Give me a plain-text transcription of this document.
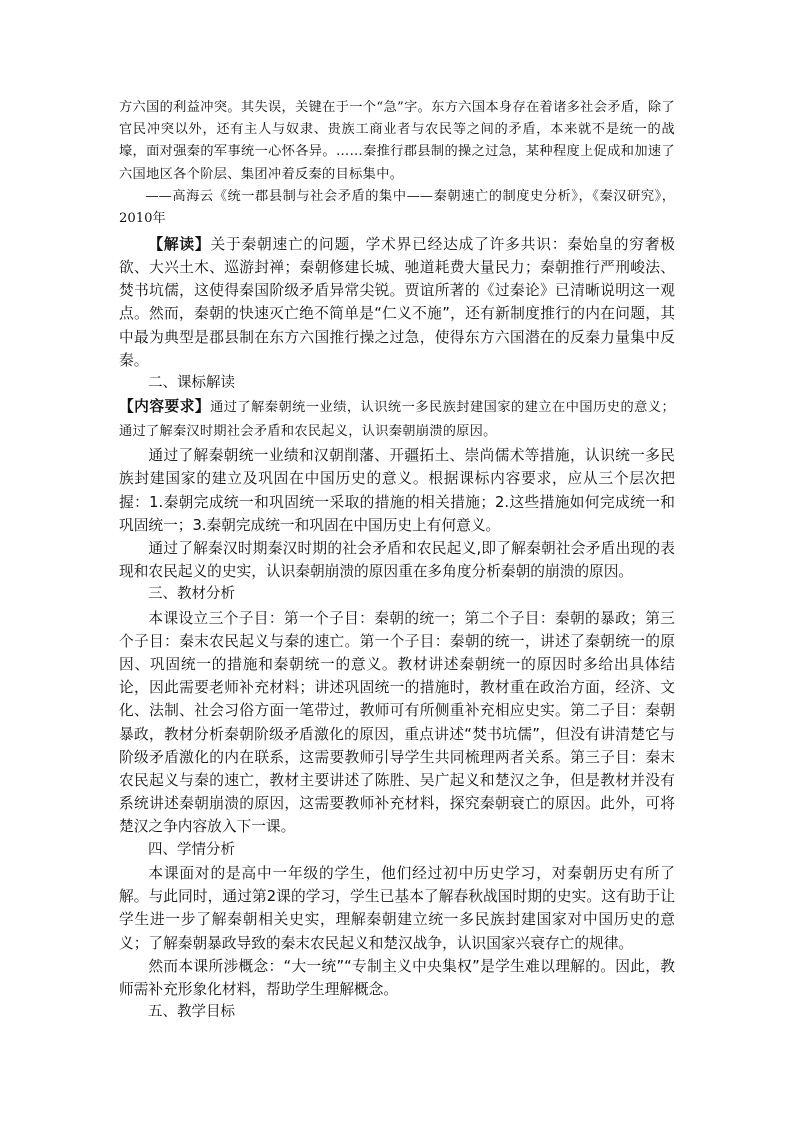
方六国的利益冲突。其失误，关键在于一个“急”字。东方六国本身存在着诸多社会矛盾，除了官民冲突以外，还有主人与奴隶、贵族工商业者与农民等之间的矛盾，本来就不是统一的战壕，面对强秦的军事统一心怀各异。……秦推行郡县制的操之过急，某种程度上促成和加速了六国地区各个阶层、集团冲着反秦的目标集中。

——高海云《统一郡县制与社会矛盾的集中——秦朝速亡的制度史分析》，《秦汉研究》，2010年

【解读】关于秦朝速亡的问题，学术界已经达成了许多共识：秦始皇的穷奢极欲、大兴土木、巡游封禅；秦朝修建长城、驰道耗费大量民力；秦朝推行严刑峻法、焚书坑儒，这使得秦国阶级矛盾异常尖锐。贾谊所著的《过秦论》已清晰说明这一观点。然而，秦朝的快速灭亡绝不简单是“仁义不施”，还有新制度推行的内在问题，其中最为典型是郡县制在东方六国推行操之过急，使得东方六国潜在的反秦力量集中反秦。

二、课标解读

【内容要求】通过了解秦朝统一业绩，认识统一多民族封建国家的建立在中国历史的意义；通过了解秦汉时期社会矛盾和农民起义，认识秦朝崩溃的原因。

通过了解秦朝统一业绩和汉朝削藩、开疆拓土、崇尚儒术等措施，认识统一多民族封建国家的建立及巩固在中国历史的意义。根据课标内容要求，应从三个层次把握：1.秦朝完成统一和巩固统一采取的措施的相关措施；2.这些措施如何完成统一和巩固统一；3.秦朝完成统一和巩固在中国历史上有何意义。

通过了解秦汉时期秦汉时期的社会矛盾和农民起义,即了解秦朝社会矛盾出现的表现和农民起义的史实，认识秦朝崩溃的原因重在多角度分析秦朝的崩溃的原因。

三、教材分析

本课设立三个子目：第一个子目：秦朝的统一；第二个子目：秦朝的暴政；第三个子目：秦末农民起义与秦的速亡。第一个子目：秦朝的统一，讲述了秦朝统一的原因、巩固统一的措施和秦朝统一的意义。教材讲述秦朝统一的原因时多给出具体结论，因此需要老师补充材料；讲述巩固统一的措施时，教材重在政治方面，经济、文化、法制、社会习俗方面一笔带过，教师可有所侧重补充相应史实。第二子目：秦朝暴政，教材分析秦朝阶级矛盾激化的原因，重点讲述“焚书坑儒”，但没有讲清楚它与阶级矛盾激化的内在联系，这需要教师引导学生共同梳理两者关系。第三子目：秦末农民起义与秦的速亡，教材主要讲述了陈胜、吴广起义和楚汉之争，但是教材并没有系统讲述秦朝崩溃的原因，这需要教师补充材料，探究秦朝衰亡的原因。此外，可将楚汉之争内容放入下一课。

四、学情分析

本课面对的是高中一年级的学生，他们经过初中历史学习，对秦朝历史有所了解。与此同时，通过第2课的学习，学生已基本了解春秋战国时期的史实。这有助于让学生进一步了解秦朝相关史实，理解秦朝建立统一多民族封建国家对中国历史的意义；了解秦朝暴政导致的秦末农民起义和楚汉战争，认识国家兴衰存亡的规律。

然而本课所涉概念：“大一统”“专制主义中央集权”是学生难以理解的。因此，教师需补充形象化材料，帮助学生理解概念。

五、教学目标
